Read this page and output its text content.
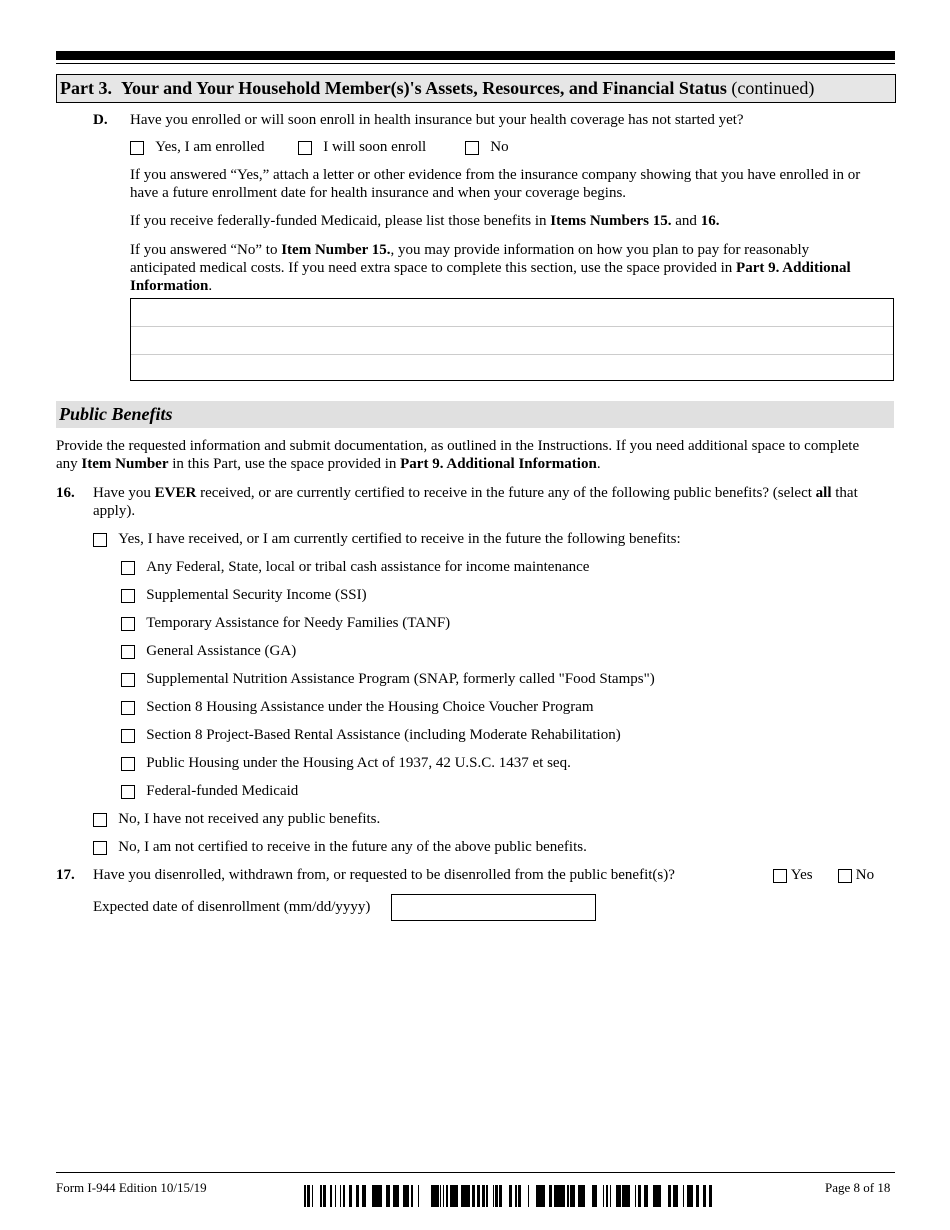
Part 3. Your and Your Household Member(s)'s Assets, Resources, and Financial Status (continued)
D. Have you enrolled or will soon enroll in health insurance but your health coverage has not started yet?
Yes, I am enrolled	I will soon enroll	No
If you answered “Yes,” attach a letter or other evidence from the insurance company showing that you have enrolled in or
have a future enrollment date for health insurance and when your coverage begins.
If you receive federally-funded Medicaid, please list those benefits in Items Numbers 15. and 16.
If you answered “No” to Item Number 15., you may provide information on how you plan to pay for reasonably
anticipated medical costs. If you need extra space to complete this section, use the space provided in Part 9. Additional
Information.
Public Benefits
Provide the requested information and submit documentation, as outlined in the Instructions. If you need additional space to complete
any Item Number in this Part, use the space provided in Part 9. Additional Information.
16. Have you EVER received, or are currently certified to receive in the future any of the following public benefits? (select all that
apply).
Yes, I have received, or I am currently certified to receive in the future the following benefits:
Any Federal, State, local or tribal cash assistance for income maintenance
Supplemental Security Income (SSI)
Temporary Assistance for Needy Families (TANF)
General Assistance (GA)
Supplemental Nutrition Assistance Program (SNAP, formerly called "Food Stamps")
Section 8 Housing Assistance under the Housing Choice Voucher Program
Section 8 Project-Based Rental Assistance (including Moderate Rehabilitation)
Public Housing under the Housing Act of 1937, 42 U.S.C. 1437 et seq.
Federal-funded Medicaid
No, I have not received any public benefits.
No, I am not certified to receive in the future any of the above public benefits.
17. Have you disenrolled, withdrawn from, or requested to be disenrolled from the public benefit(s)?	Yes	No
Expected date of disenrollment (mm/dd/yyyy)
Form I-944 Edition 10/15/19	Page 8 of 18
